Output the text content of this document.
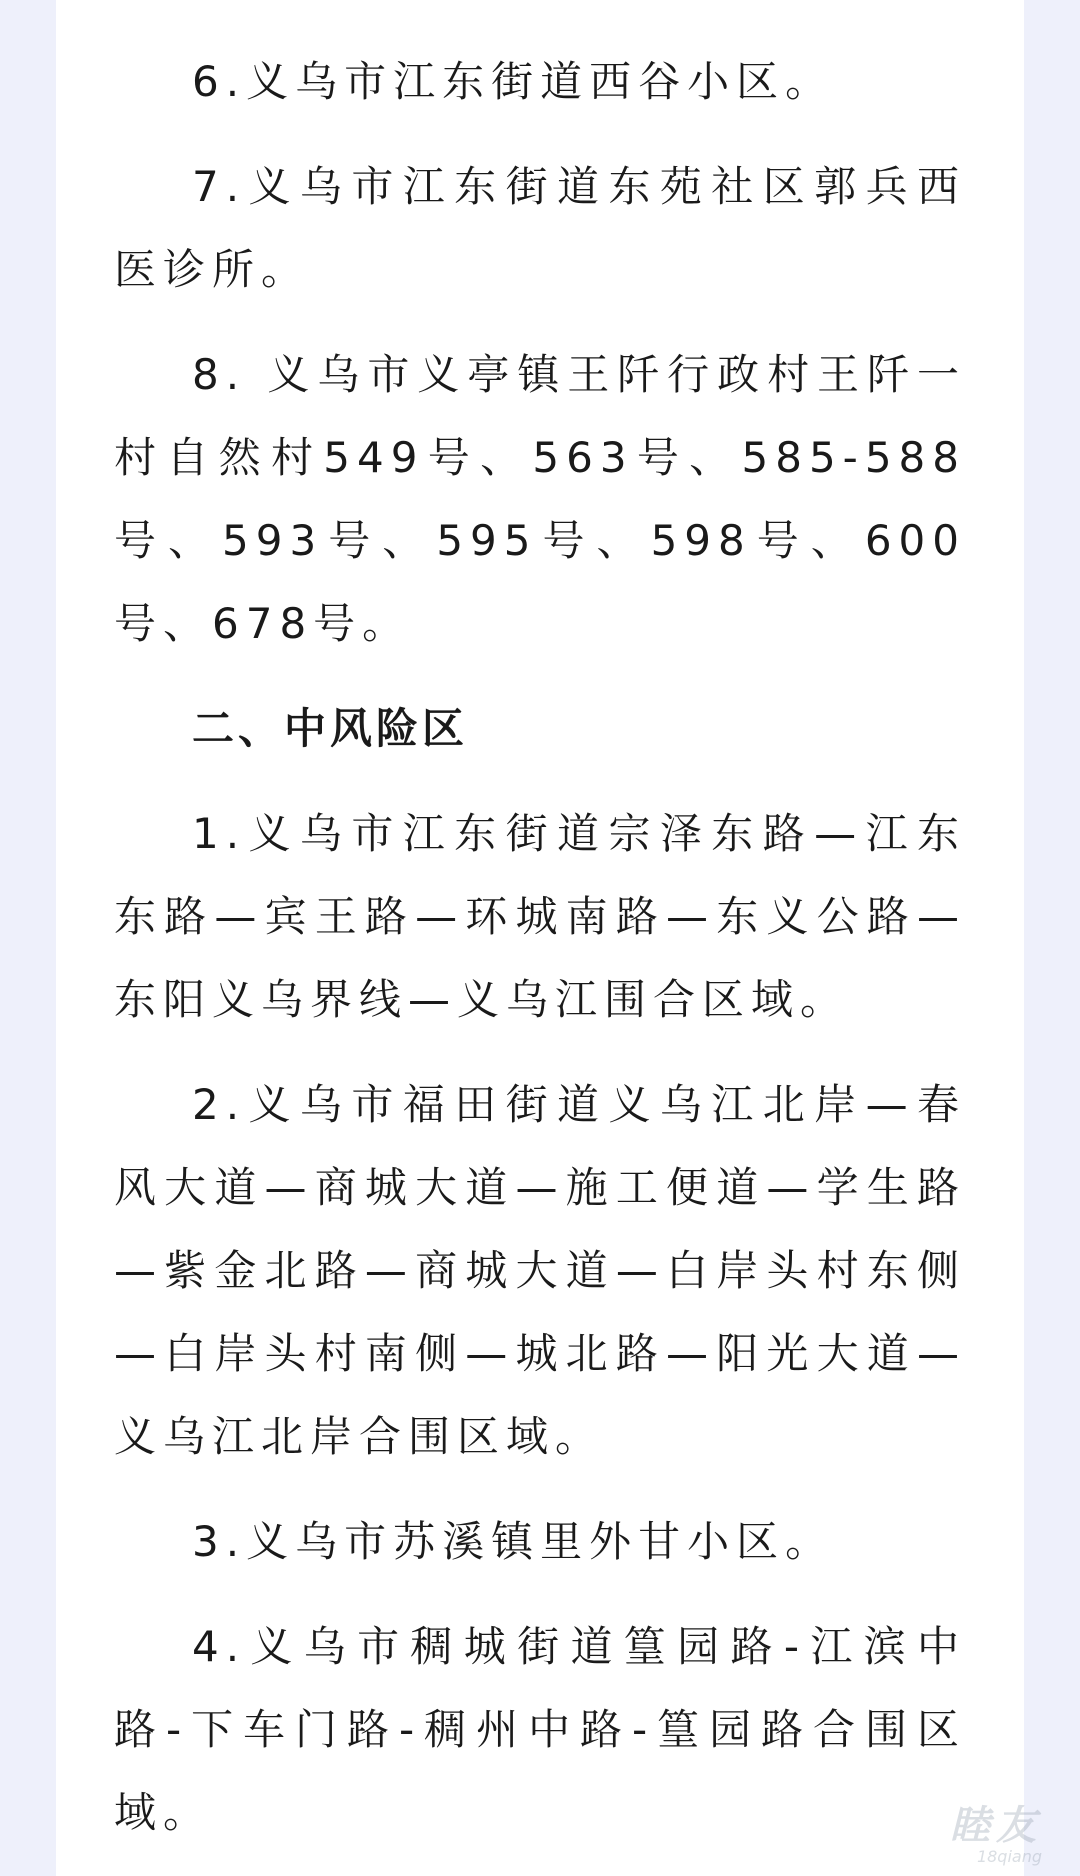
6.义乌市江东街道西谷小区。

7.义乌市江东街道东苑社区郭兵西医诊所。

8. 义乌市义亭镇王阡行政村王阡一村自然村549号、563号、585-588号、593号、595号、598号、600号、678号。

二、中风险区

1.义乌市江东街道宗泽东路—江东东路—宾王路—环城南路—东义公路—东阳义乌界线—义乌江围合区域。

2.义乌市福田街道义乌江北岸—春风大道—商城大道—施工便道—学生路—紫金北路—商城大道—白岸头村东侧—白岸头村南侧—城北路—阳光大道—义乌江北岸合围区域。

3.义乌市苏溪镇里外甘小区。

4.义乌市稠城街道篁园路-江滨中路-下车门路-稠州中路-篁园路合围区域。	睦友
18qiang
